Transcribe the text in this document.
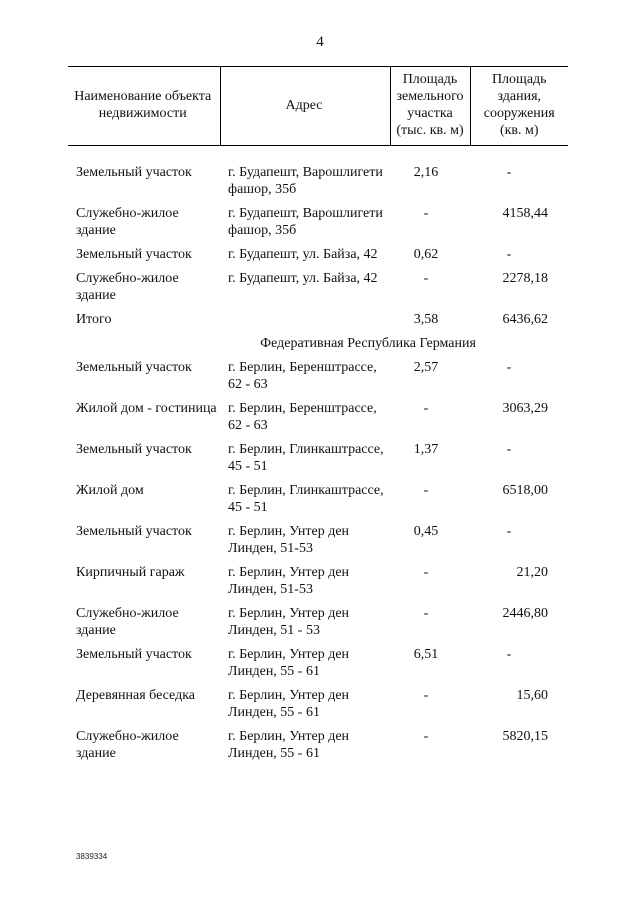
4
Наименование объекта недвижимости	Адрес	Площадь земельного участка (тыс. кв. м)	Площадь здания, сооружения (кв. м)

Земельный участок	г. Будапешт, Варошлигети фашор, 35б	2,16	-
Служебно-жилое здание	г. Будапешт, Варошлигети фашор, 35б	-	4158,44
Земельный участок	г. Будапешт, ул. Байза, 42	0,62	-
Служебно-жилое здание	г. Будапешт, ул. Байза, 42	-	2278,18
Итого		3,58	6436,62
Федеративная Республика Германия			
Земельный участок	г. Берлин, Беренштрассе, 62 - 63	2,57	-
Жилой дом - гостиница	г. Берлин, Беренштрассе, 62 - 63	-	3063,29
Земельный участок	г. Берлин, Глинкаштрассе, 45 - 51	1,37	-
Жилой дом	г. Берлин, Глинкаштрассе, 45 - 51	-	6518,00
Земельный участок	г. Берлин, Унтер ден Линден, 51-53	0,45	-
Кирпичный гараж	г. Берлин, Унтер ден Линден, 51-53	-	21,20
Служебно-жилое здание	г. Берлин, Унтер ден Линден, 51 - 53	-	2446,80
Земельный участок	г. Берлин, Унтер ден Линден, 55 - 61	6,51	-
Деревянная беседка	г. Берлин, Унтер ден Линден, 55 - 61	-	15,60
Служебно-жилое здание	г. Берлин, Унтер ден Линден, 55 - 61	-	5820,15
3839334
